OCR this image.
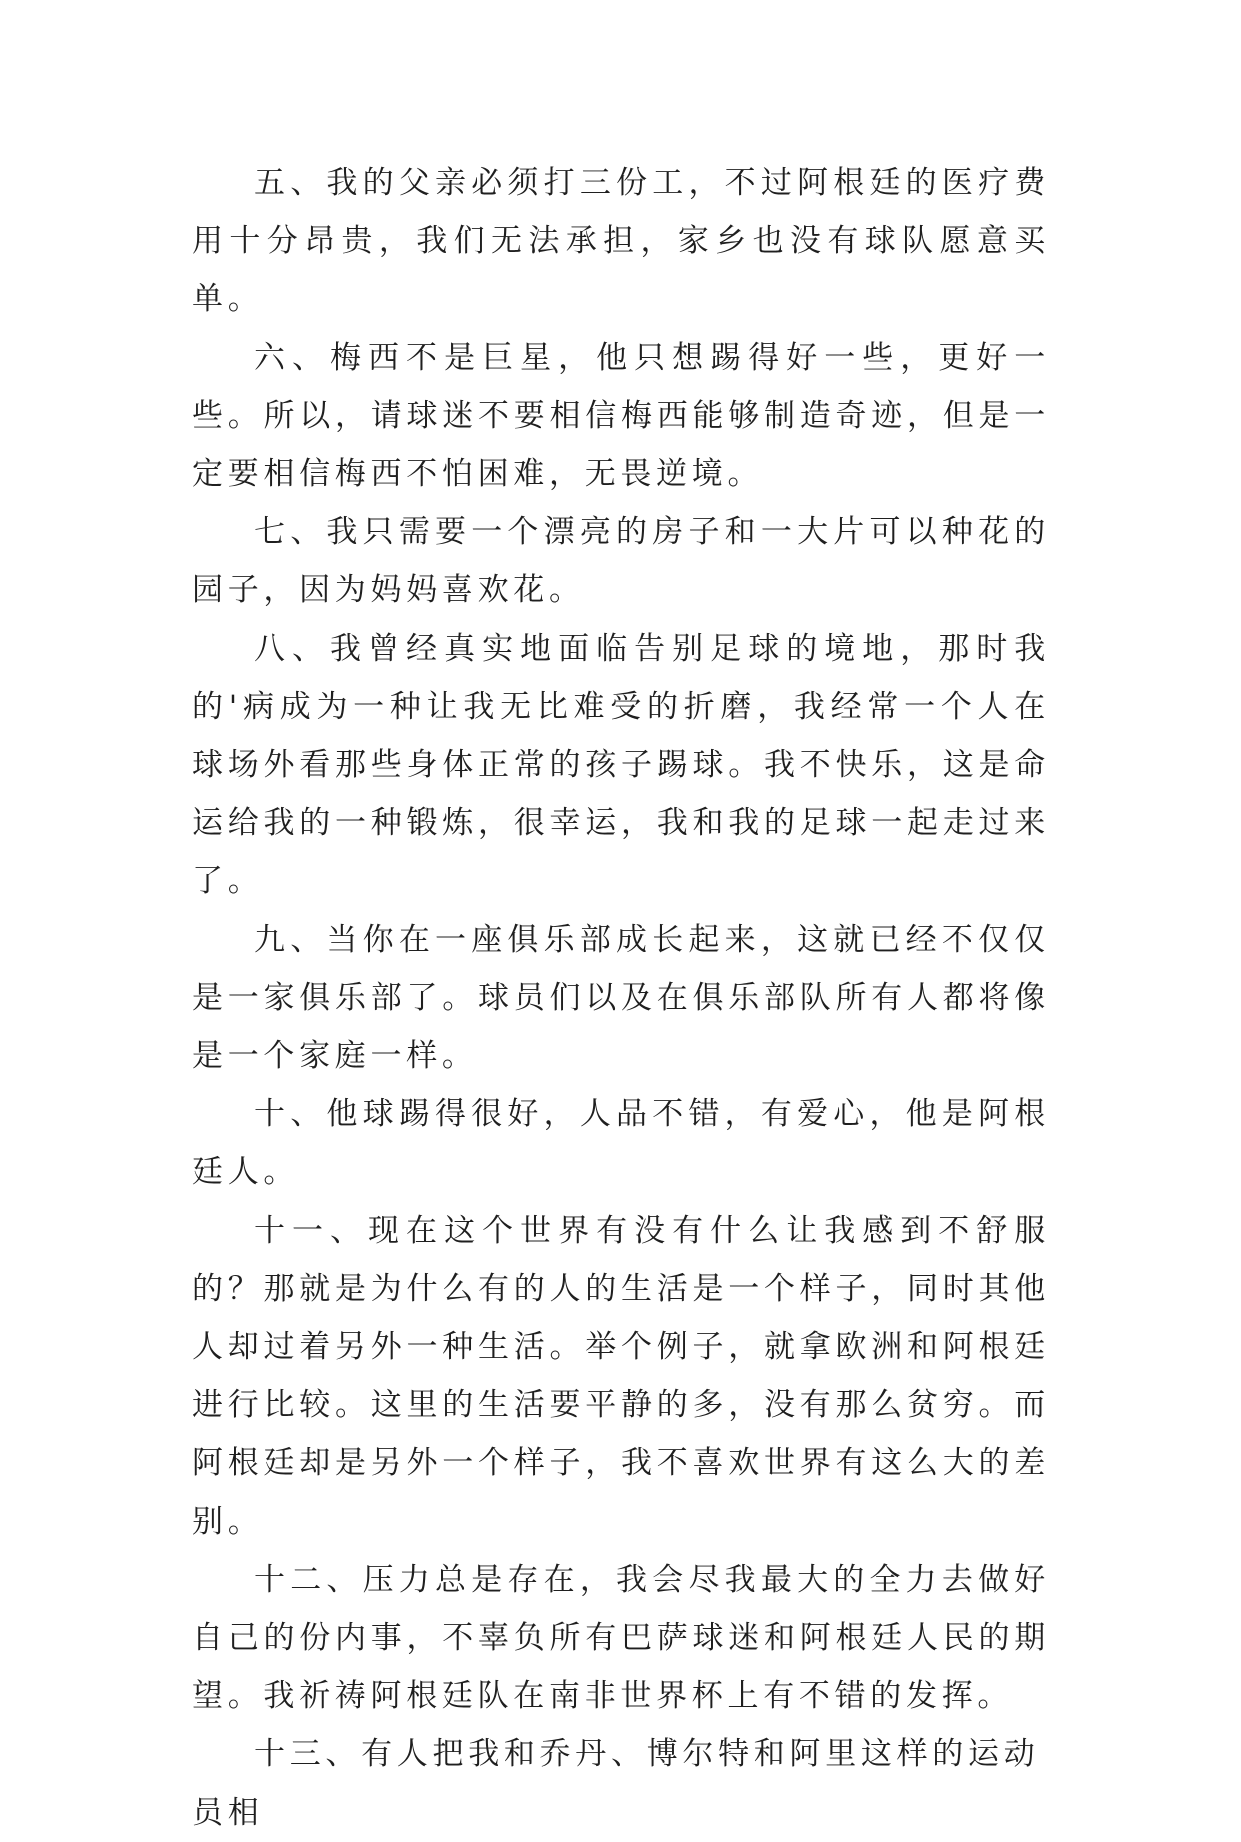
五、我的父亲必须打三份工，不过阿根廷的医疗费用十分昂贵，我们无法承担，家乡也没有球队愿意买单。

六、梅西不是巨星，他只想踢得好一些，更好一些。所以，请球迷不要相信梅西能够制造奇迹，但是一定要相信梅西不怕困难，无畏逆境。

七、我只需要一个漂亮的房子和一大片可以种花的园子，因为妈妈喜欢花。

八、我曾经真实地面临告别足球的境地，那时我的'病成为一种让我无比难受的折磨，我经常一个人在球场外看那些身体正常的孩子踢球。我不快乐，这是命运给我的一种锻炼，很幸运，我和我的足球一起走过来了。

九、当你在一座俱乐部成长起来，这就已经不仅仅是一家俱乐部了。球员们以及在俱乐部队所有人都将像是一个家庭一样。

十、他球踢得很好，人品不错，有爱心，他是阿根廷人。

十一、现在这个世界有没有什么让我感到不舒服的？那就是为什么有的人的生活是一个样子，同时其他人却过着另外一种生活。举个例子，就拿欧洲和阿根廷进行比较。这里的生活要平静的多，没有那么贫穷。而阿根廷却是另外一个样子，我不喜欢世界有这么大的差别。

十二、压力总是存在，我会尽我最大的全力去做好自己的份内事，不辜负所有巴萨球迷和阿根廷人民的期望。我祈祷阿根廷队在南非世界杯上有不错的发挥。

十三、有人把我和乔丹、博尔特和阿里这样的运动员相
